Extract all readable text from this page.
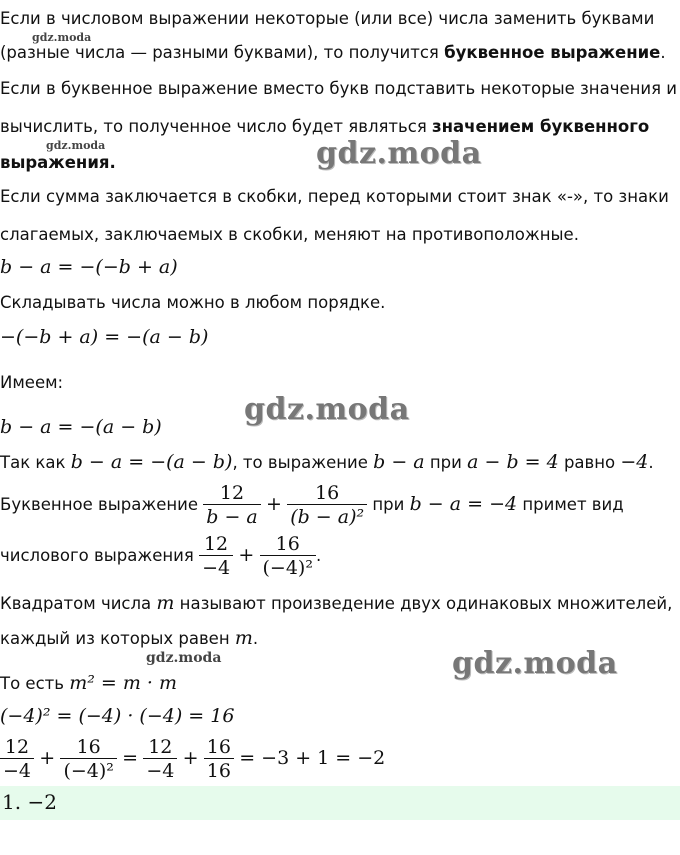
gdz.moda
gdz.moda
gdz.moda
gdz.moda
gdz.moda
gdz.moda
Если в числовом выражении некоторые (или все) числа заменить буквами
(разные числа — разными буквами), то получится буквенное выражение.
Если в буквенное выражение вместо букв подставить некоторые значения и
вычислить, то полученное число будет являться значением буквенного
выражения.
Если сумма заключается в скобки, перед которыми стоит знак «-», то знаки
слагаемых, заключаемых в скобки, меняют на противоположные.
b − a = −(−b + a)
Складывать числа можно в любом порядке.
−(−b + a) = −(a − b)
Имеем:
b − a = −(a − b)
Так как b − a = −(a − b), то выражение b − a при a − b = 4 равно −4.
Буквенное выражение $\frac{12}{b - a} + \frac{16}{\text{(b − a)²}}$ при b − a = −4 примет вид
числового выражения $\frac{12}{-4} + \frac{16}{\text{(−4)²}}$ .
Квадратом числа m называют произведение двух одинаковых множителей,
каждый из которых равен m.
То есть m² = m · m
(−4)² = (−4) · (−4) = 16
$\frac{12}{-4} + \frac{16}{\text{(−4)²}} = \frac{12}{-4} + \frac{16}{16} = -3 + 1 = -2$
1. −2
